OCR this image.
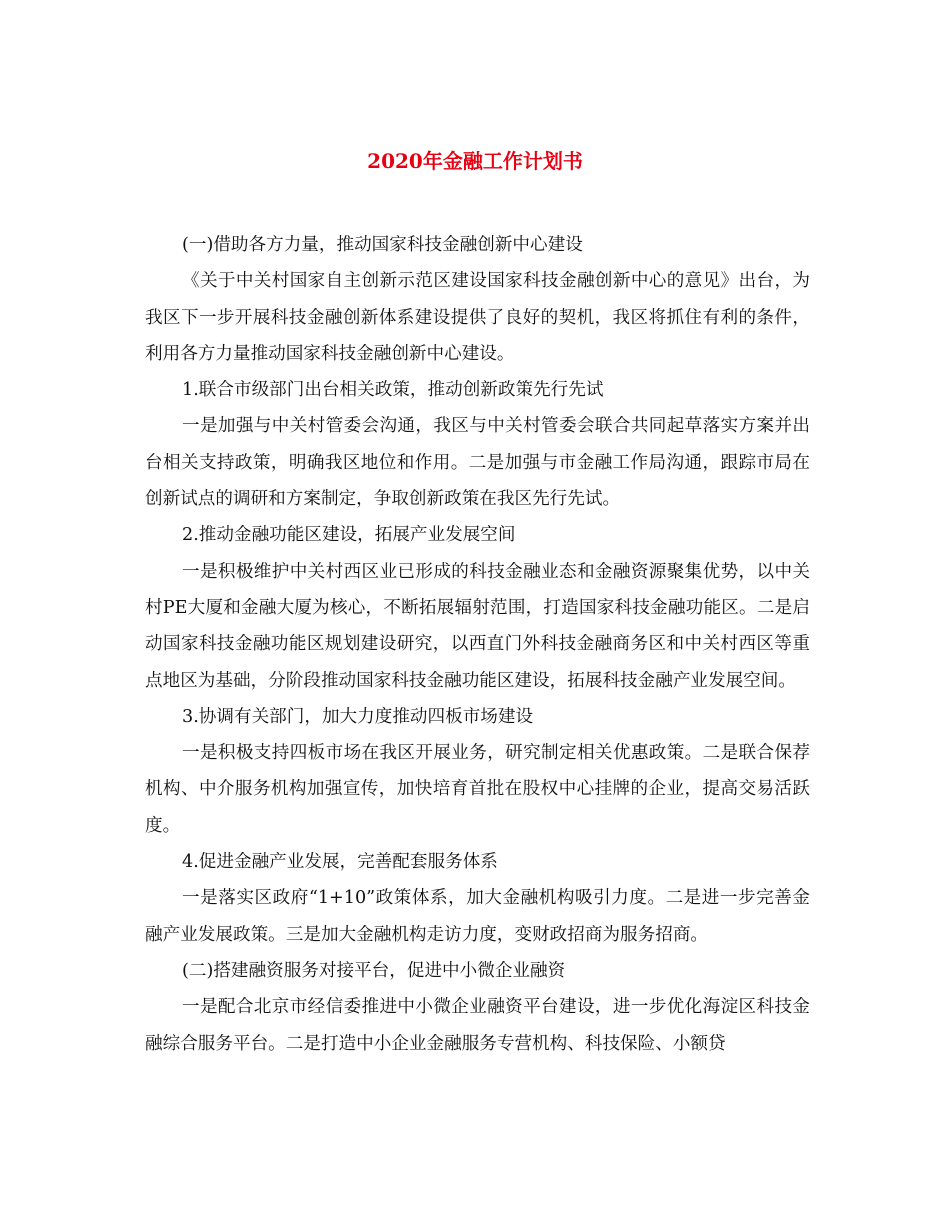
2020年金融工作计划书

(一)借助各方力量，推动国家科技金融创新中心建设

《关于中关村国家自主创新示范区建设国家科技金融创新中心的意见》出台，为我区下一步开展科技金融创新体系建设提供了良好的契机，我区将抓住有利的条件，利用各方力量推动国家科技金融创新中心建设。

1.联合市级部门出台相关政策，推动创新政策先行先试

一是加强与中关村管委会沟通，我区与中关村管委会联合共同起草落实方案并出台相关支持政策，明确我区地位和作用。二是加强与市金融工作局沟通，跟踪市局在创新试点的调研和方案制定，争取创新政策在我区先行先试。

2.推动金融功能区建设，拓展产业发展空间

一是积极维护中关村西区业已形成的科技金融业态和金融资源聚集优势，以中关村PE大厦和金融大厦为核心，不断拓展辐射范围，打造国家科技金融功能区。二是启动国家科技金融功能区规划建设研究，以西直门外科技金融商务区和中关村西区等重点地区为基础，分阶段推动国家科技金融功能区建设，拓展科技金融产业发展空间。

3.协调有关部门，加大力度推动四板市场建设

一是积极支持四板市场在我区开展业务，研究制定相关优惠政策。二是联合保荐机构、中介服务机构加强宣传，加快培育首批在股权中心挂牌的企业，提高交易活跃度。

4.促进金融产业发展，完善配套服务体系

一是落实区政府“1+10”政策体系，加大金融机构吸引力度。二是进一步完善金融产业发展政策。三是加大金融机构走访力度，变财政招商为服务招商。

(二)搭建融资服务对接平台，促进中小微企业融资

一是配合北京市经信委推进中小微企业融资平台建设，进一步优化海淀区科技金融综合服务平台。二是打造中小企业金融服务专营机构、科技保险、小额贷
